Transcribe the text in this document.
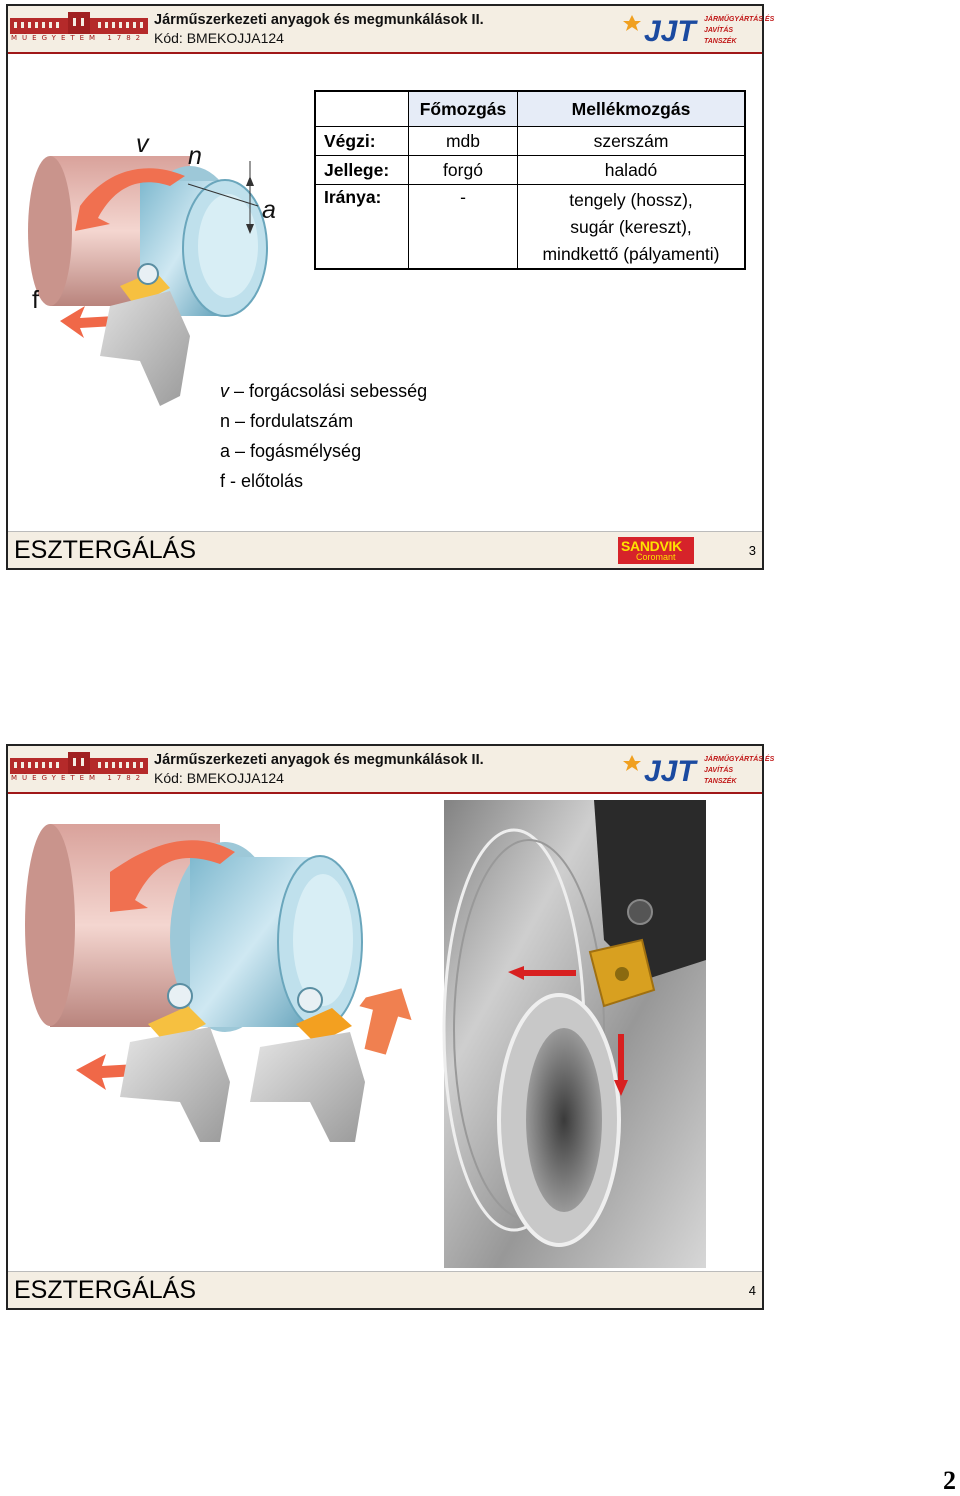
MŰEGYETEM 1782
Járműszerkezeti anyagok és megmunkálások II.
Kód: BMEKOJJA124	JJT	JÁRMŰGYÁRTÁS ÉS
JAVÍTÁS
TANSZÉK
v n
a
f
	Főmozgás	Mellékmozgás
Végzi:	mdb	szerszám
Jellege:	forgó	haladó
Iránya:	-	tengely (hossz),
sugár (kereszt),
mindkettő (pályamenti)
v – forgácsolási sebesség
n – fordulatszám
a – fogásmélység
f - előtolás
ESZTERGÁLÁS	SANDVIK
Coromant	3
MŰEGYETEM 1782
Járműszerkezeti anyagok és megmunkálások II.
Kód: BMEKOJJA124	JJT	JÁRMŰGYÁRTÁS ÉS
JAVÍTÁS
TANSZÉK
ESZTERGÁLÁS	4
2
